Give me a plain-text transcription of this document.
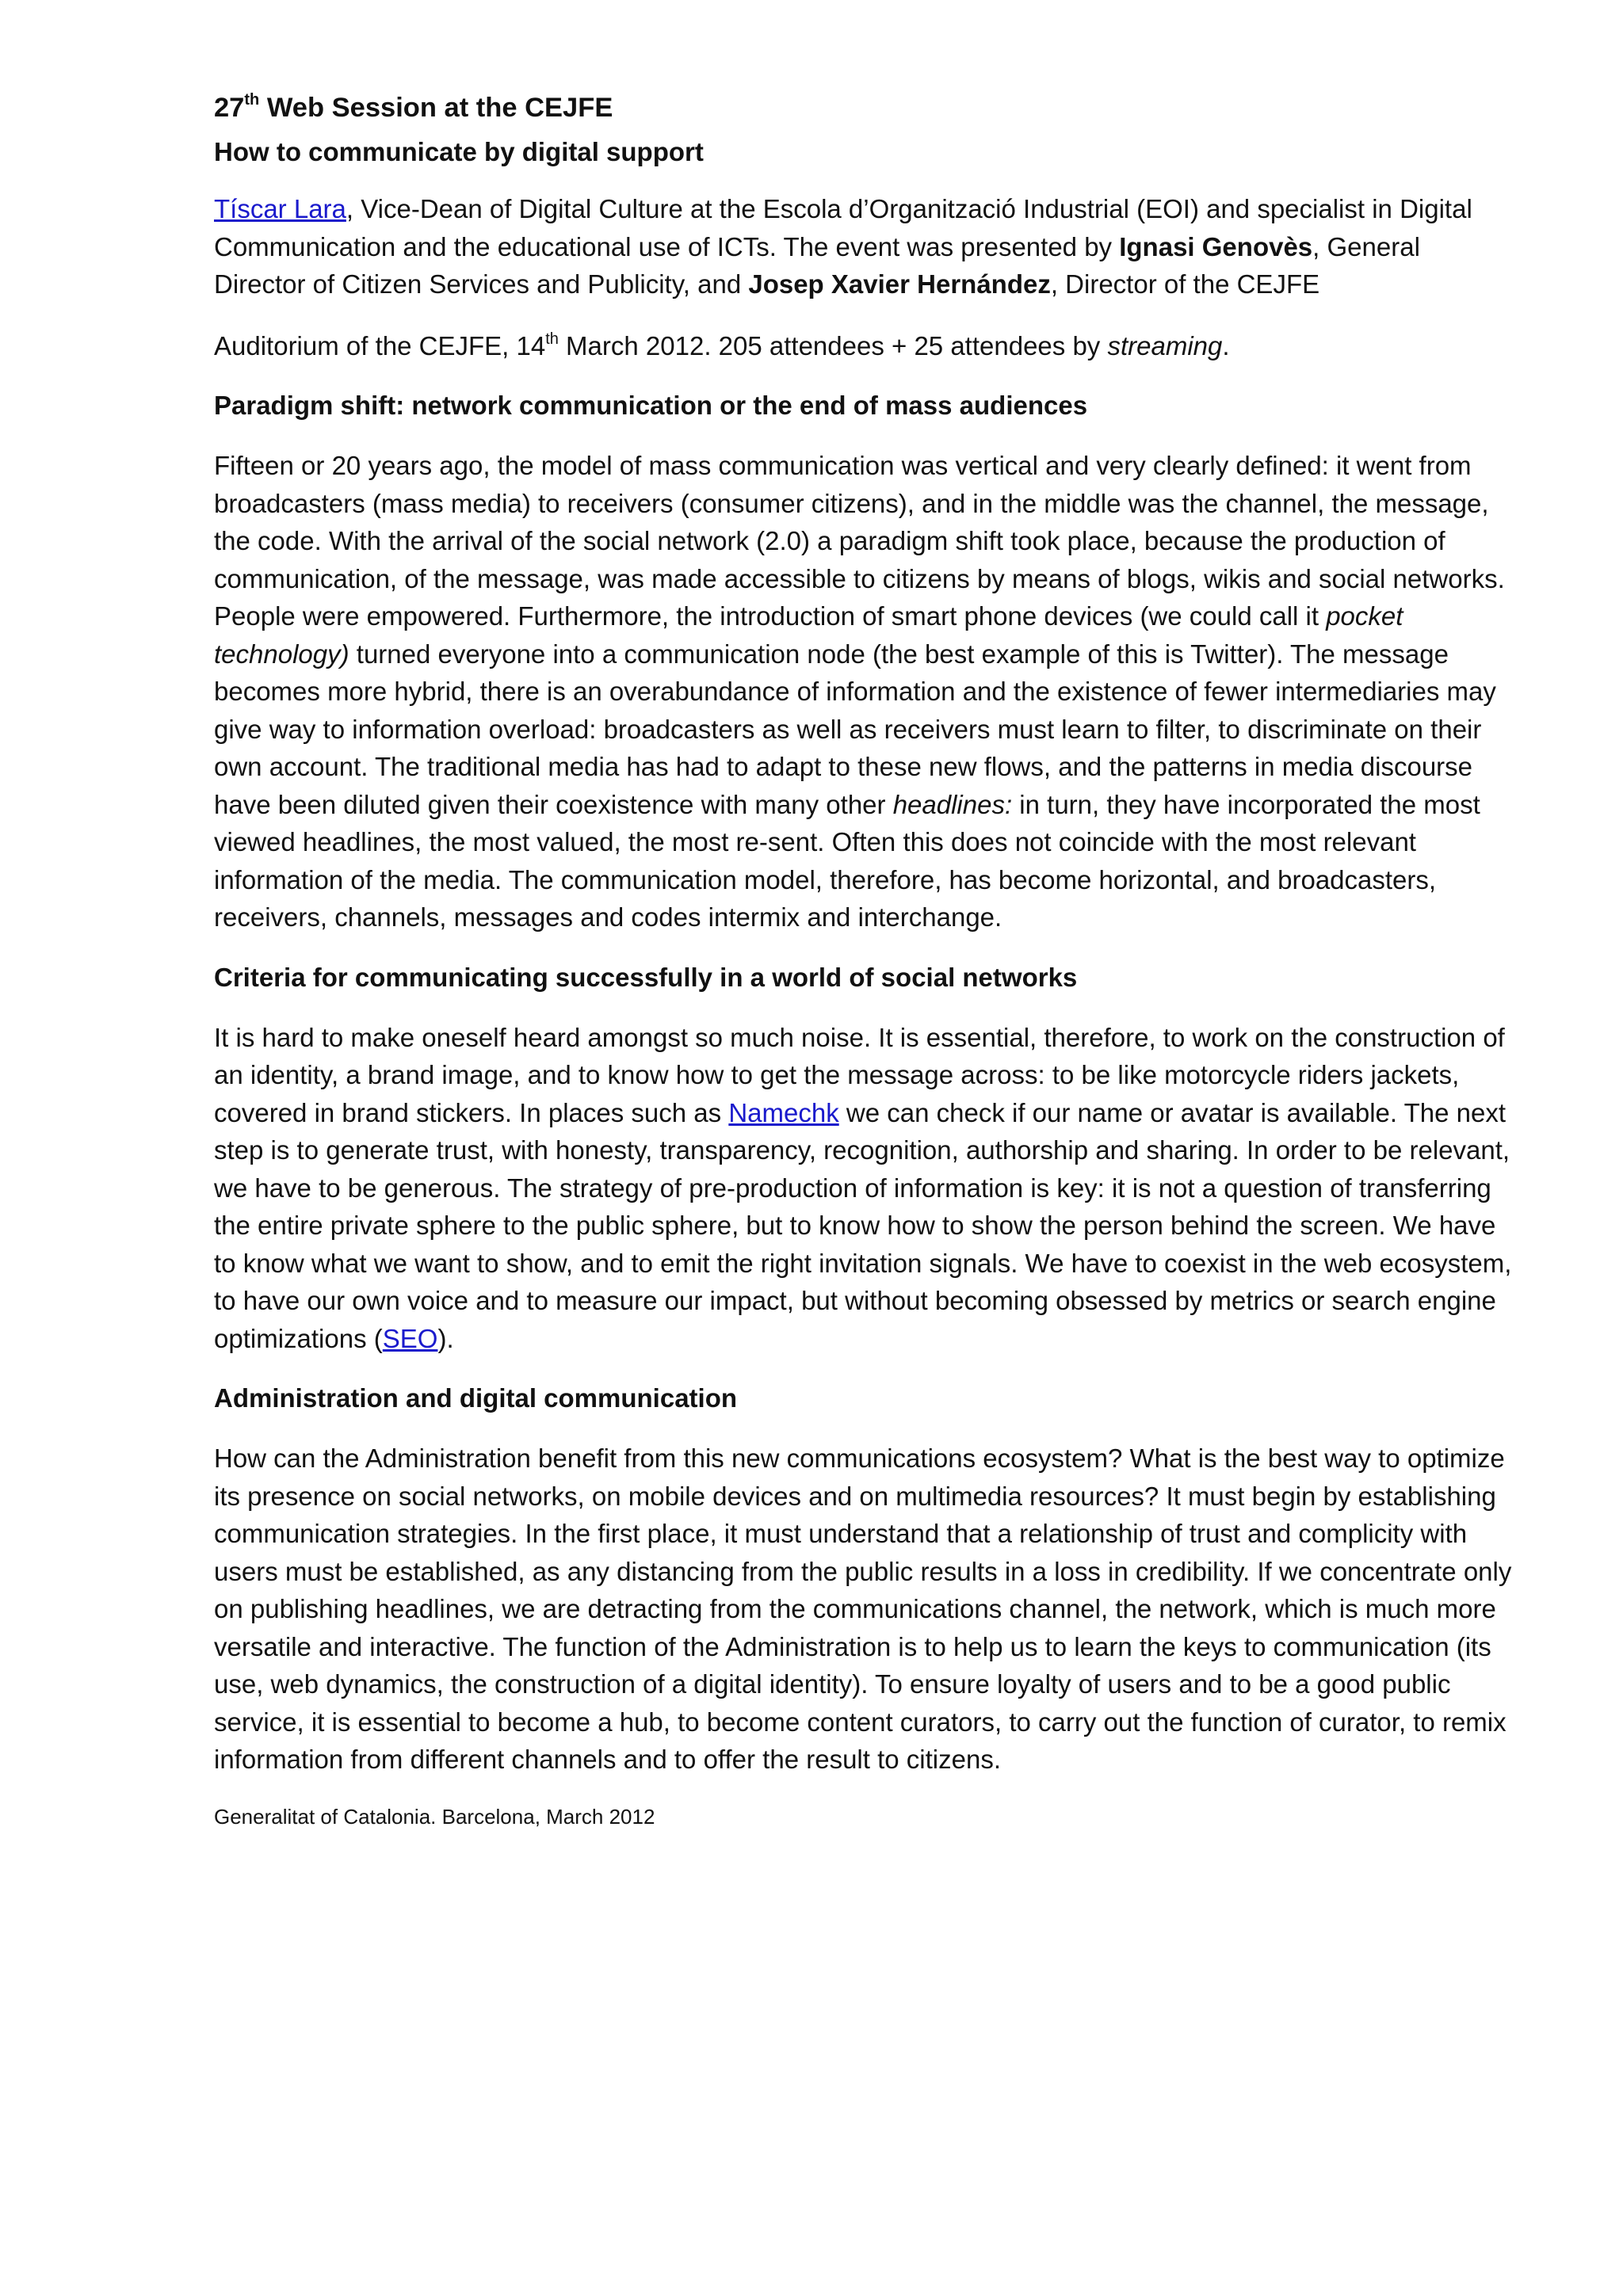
27th Web Session at the CEJFE
How to communicate by digital support

Tíscar Lara, Vice-Dean of Digital Culture at the Escola d’Organització Industrial (EOI) and specialist in Digital Communication and the educational use of ICTs. The event was presented by Ignasi Genovès, General Director of Citizen Services and Publicity, and Josep Xavier Hernández, Director of the CEJFE

Auditorium of the CEJFE, 14th March 2012. 205 attendees + 25 attendees by streaming.

Paradigm shift: network communication or the end of mass audiences

Fifteen or 20 years ago, the model of mass communication was vertical and very clearly defined: it went from broadcasters (mass media) to receivers (consumer citizens), and in the middle was the channel, the message, the code. With the arrival of the social network (2.0) a paradigm shift took place, because the production of communication, of the message, was made accessible to citizens by means of blogs, wikis and social networks. People were empowered. Furthermore, the introduction of smart phone devices (we could call it pocket technology) turned everyone into a communication node (the best example of this is Twitter). The message becomes more hybrid, there is an overabundance of information and the existence of fewer intermediaries may give way to information overload: broadcasters as well as receivers must learn to filter, to discriminate on their own account. The traditional media has had to adapt to these new flows, and the patterns in media discourse have been diluted given their coexistence with many other headlines: in turn, they have incorporated the most viewed headlines, the most valued, the most re-sent. Often this does not coincide with the most relevant information of the media. The communication model, therefore, has become horizontal, and broadcasters, receivers, channels, messages and codes intermix and interchange.

Criteria for communicating successfully in a world of social networks

It is hard to make oneself heard amongst so much noise. It is essential, therefore, to work on the construction of an identity, a brand image, and to know how to get the message across: to be like motorcycle riders jackets, covered in brand stickers. In places such as Namechk we can check if our name or avatar is available. The next step is to generate trust, with honesty, transparency, recognition, authorship and sharing. In order to be relevant, we have to be generous. The strategy of pre-production of information is key: it is not a question of transferring the entire private sphere to the public sphere, but to know how to show the person behind the screen. We have to know what we want to show, and to emit the right invitation signals. We have to coexist in the web ecosystem, to have our own voice and to measure our impact, but without becoming obsessed by metrics or search engine optimizations (SEO).

Administration and digital communication

How can the Administration benefit from this new communications ecosystem? What is the best way to optimize its presence on social networks, on mobile devices and on multimedia resources? It must begin by establishing communication strategies. In the first place, it must understand that a relationship of trust and complicity with users must be established, as any distancing from the public results in a loss in credibility. If we concentrate only on publishing headlines, we are detracting from the communications channel, the network, which is much more versatile and interactive. The function of the Administration is to help us to learn the keys to communication (its use, web dynamics, the construction of a digital identity). To ensure loyalty of users and to be a good public service, it is essential to become a hub, to become content curators, to carry out the function of curator, to remix information from different channels and to offer the result to citizens.

Generalitat of Catalonia. Barcelona, March 2012
